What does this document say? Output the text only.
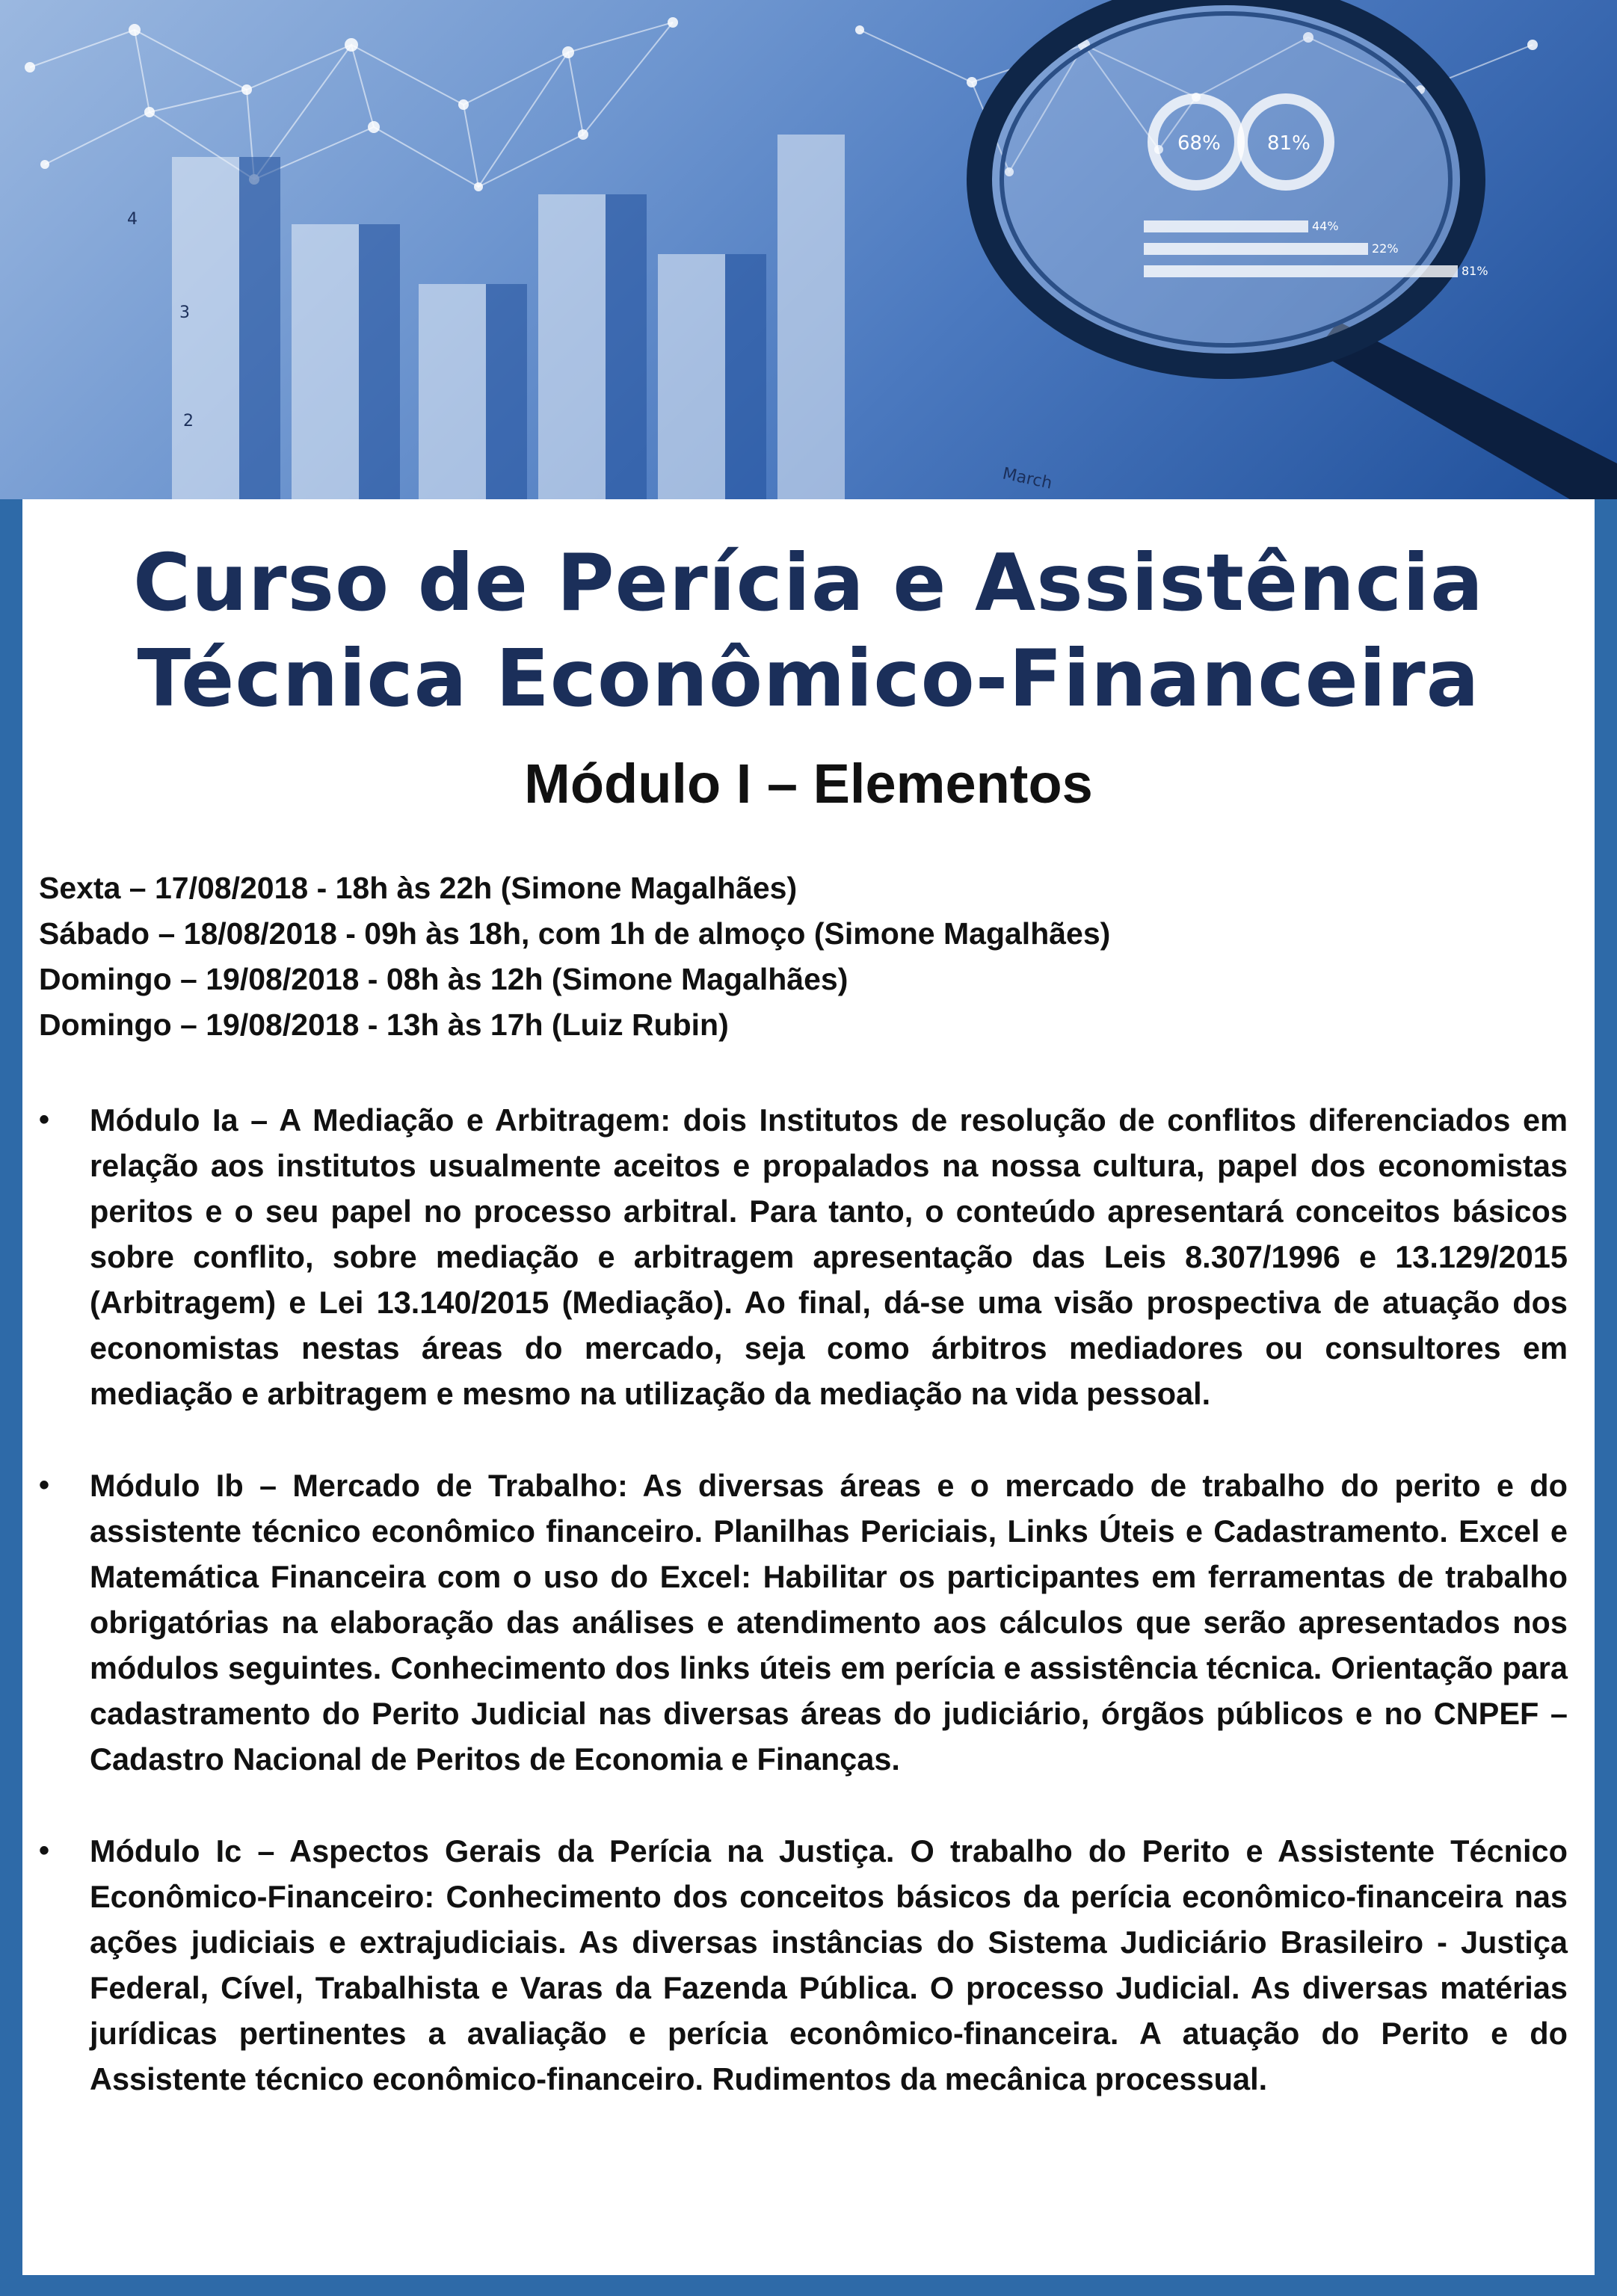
4
3
2
March
68% 81%
44%
22%
81%
Curso de Perícia e Assistência
Técnica Econômico-Financeira
Módulo I – Elementos
Sexta – 17/08/2018 - 18h às 22h (Simone Magalhães)
Sábado – 18/08/2018 - 09h às 18h, com 1h de almoço (Simone Magalhães)
Domingo – 19/08/2018 - 08h às 12h (Simone Magalhães)
Domingo – 19/08/2018 - 13h às 17h (Luiz Rubin)
• Módulo Ia – A Mediação e Arbitragem: dois Institutos de resolução de conflitos diferenciados em relação aos institutos usualmente aceitos e propalados na nossa cultura, papel dos economistas peritos e o seu papel no processo arbitral. Para tanto, o conteúdo apresentará conceitos básicos sobre conflito, sobre mediação e arbitragem apresentação das Leis 8.307/1996 e 13.129/2015 (Arbitragem) e Lei 13.140/2015 (Mediação). Ao final, dá-se uma visão prospectiva de atuação dos economistas nestas áreas do mercado, seja como árbitros mediadores ou consultores em mediação e arbitragem e mesmo na utilização da mediação na vida pessoal.
• Módulo Ib – Mercado de Trabalho: As diversas áreas e o mercado de trabalho do perito e do assistente técnico econômico financeiro. Planilhas Periciais, Links Úteis e Cadastramento. Excel e Matemática Financeira com o uso do Excel: Habilitar os participantes em ferramentas de trabalho obrigatórias na elaboração das análises e atendimento aos cálculos que serão apresentados nos módulos seguintes. Conhecimento dos links úteis em perícia e assistência técnica. Orientação para cadastramento do Perito Judicial nas diversas áreas do judiciário, órgãos públicos e no CNPEF – Cadastro Nacional de Peritos de Economia e Finanças.
• Módulo Ic – Aspectos Gerais da Perícia na Justiça. O trabalho do Perito e Assistente Técnico Econômico-Financeiro: Conhecimento dos conceitos básicos da perícia econômico-financeira nas ações judiciais e extrajudiciais. As diversas instâncias do Sistema Judiciário Brasileiro - Justiça Federal, Cível, Trabalhista e Varas da Fazenda Pública. O processo Judicial. As diversas matérias jurídicas pertinentes a avaliação e perícia econômico-financeira. A atuação do Perito e do Assistente técnico econômico-financeiro. Rudimentos da mecânica processual.
